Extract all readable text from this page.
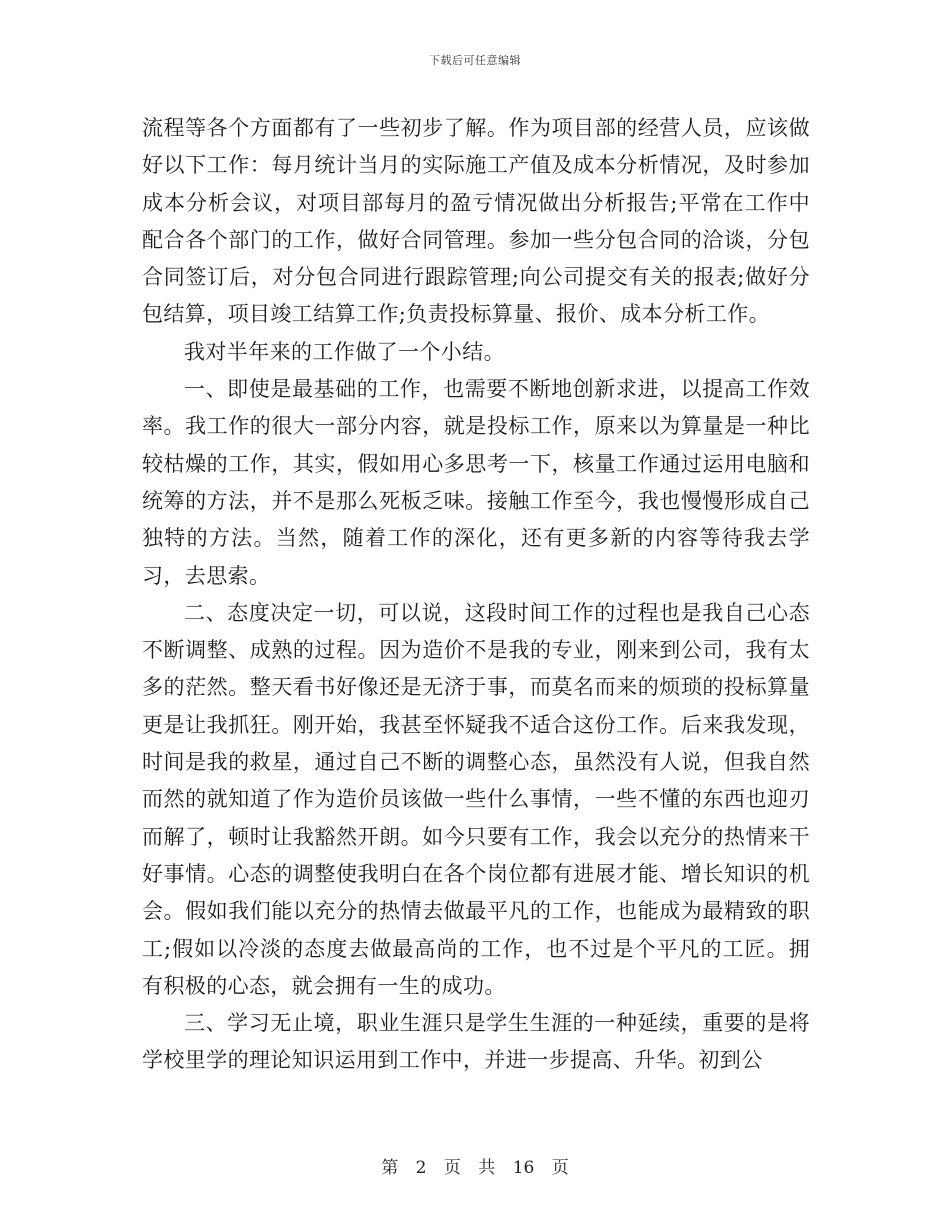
下载后可任意编辑

流程等各个方面都有了一些初步了解。作为项目部的经营人员，应该做好以下工作：每月统计当月的实际施工产值及成本分析情况，及时参加成本分析会议，对项目部每月的盈亏情况做出分析报告;平常在工作中配合各个部门的工作，做好合同管理。参加一些分包合同的洽谈，分包合同签订后，对分包合同进行跟踪管理;向公司提交有关的报表;做好分包结算，项目竣工结算工作;负责投标算量、报价、成本分析工作。

我对半年来的工作做了一个小结。

一、即使是最基础的工作，也需要不断地创新求进，以提高工作效率。我工作的很大一部分内容，就是投标工作，原来以为算量是一种比较枯燥的工作，其实，假如用心多思考一下，核量工作通过运用电脑和统筹的方法，并不是那么死板乏味。接触工作至今，我也慢慢形成自己独特的方法。当然，随着工作的深化，还有更多新的内容等待我去学习，去思索。

二、态度决定一切，可以说，这段时间工作的过程也是我自己心态不断调整、成熟的过程。因为造价不是我的专业，刚来到公司，我有太多的茫然。整天看书好像还是无济于事，而莫名而来的烦琐的投标算量更是让我抓狂。刚开始，我甚至怀疑我不适合这份工作。后来我发现，时间是我的救星，通过自己不断的调整心态，虽然没有人说，但我自然而然的就知道了作为造价员该做一些什么事情，一些不懂的东西也迎刃而解了，顿时让我豁然开朗。如今只要有工作，我会以充分的热情来干好事情。心态的调整使我明白在各个岗位都有进展才能、增长知识的机会。假如我们能以充分的热情去做最平凡的工作，也能成为最精致的职工;假如以冷淡的态度去做最高尚的工作，也不过是个平凡的工匠。拥有积极的心态，就会拥有一生的成功。

三、学习无止境，职业生涯只是学生生涯的一种延续，重要的是将学校里学的理论知识运用到工作中，并进一步提高、升华。初到公

第 2 页 共 16 页
